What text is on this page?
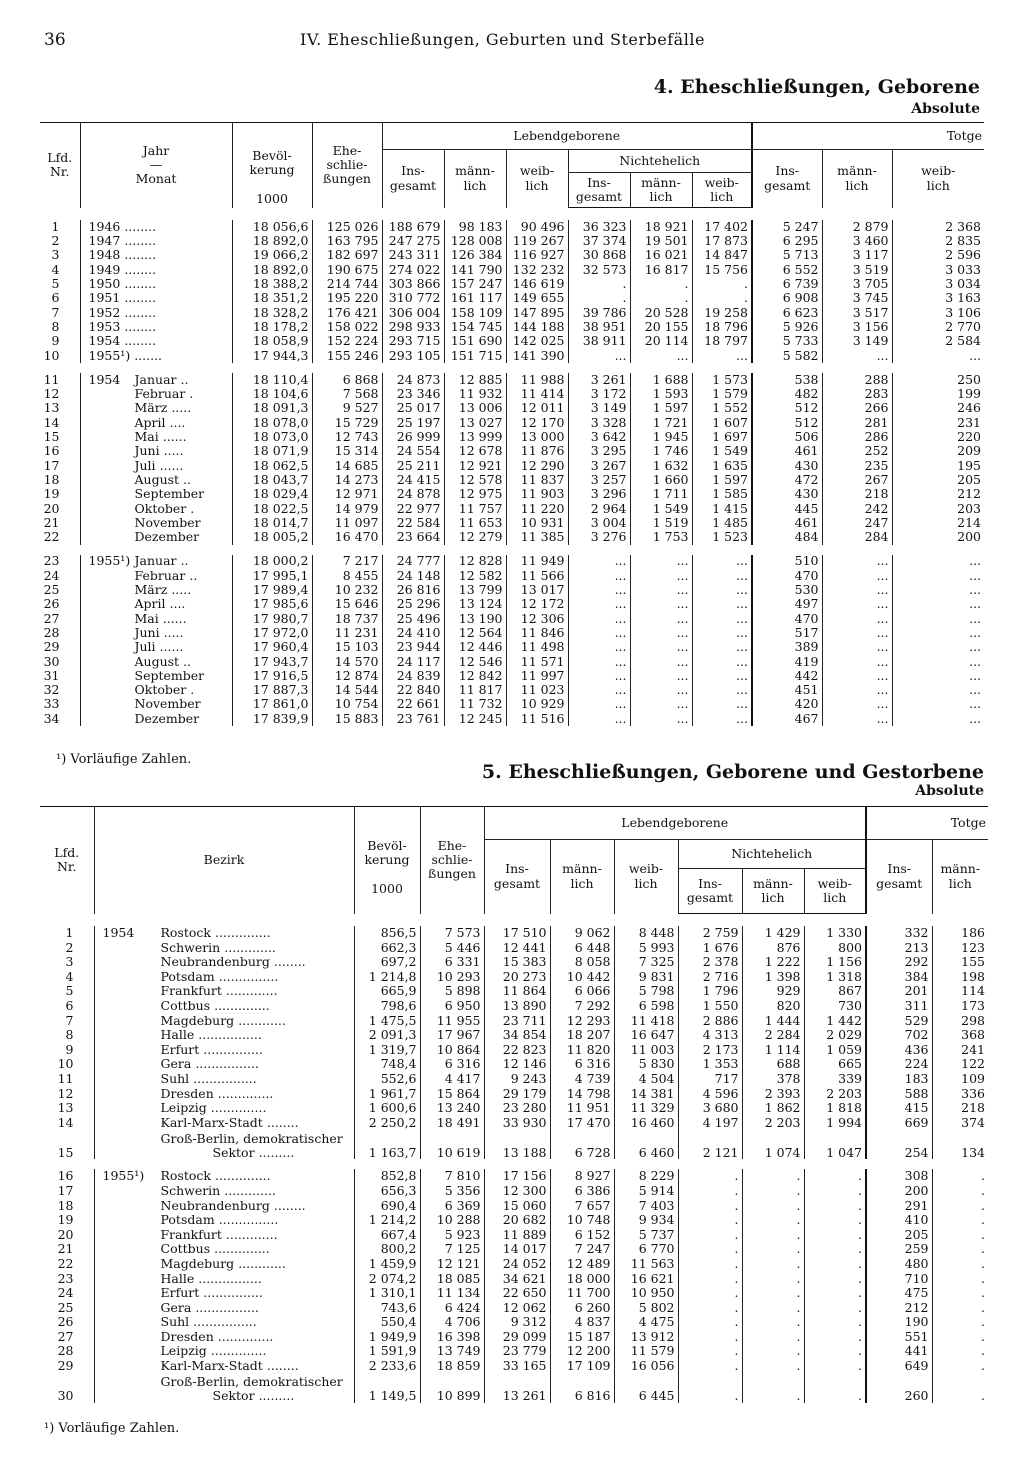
36	IV. Eheschließungen, Geburten und Sterbefälle
4. Eheschließungen, Geborene
Absolute
Lfd.
Nr.	Jahr
—
Monat	Bevöl-
kerung

1000	Ehe-
schlie-
ßungen	Lebendgeborene						Totge		
				Ins-
gesamt	männ-
lich	weib-
lich	Nichtehelich			Ins-
gesamt	männ-
lich	weib-
lich
							Ins-
gesamt	männ-
lich	weib-
lich			

1	1946 ........	18 056,6	125 026	188 679	98 183	90 496	36 323	18 921	17 402	5 247	2 879	2 368
2	1947 ........	18 892,0	163 795	247 275	128 008	119 267	37 374	19 501	17 873	6 295	3 460	2 835
3	1948 ........	19 066,2	182 697	243 311	126 384	116 927	30 868	16 021	14 847	5 713	3 117	2 596
4	1949 ........	18 892,0	190 675	274 022	141 790	132 232	32 573	16 817	15 756	6 552	3 519	3 033
5	1950 ........	18 388,2	214 744	303 866	157 247	146 619	.	.	.	6 739	3 705	3 034
6	1951 ........	18 351,2	195 220	310 772	161 117	149 655	.	.	.	6 908	3 745	3 163
7	1952 ........	18 328,2	176 421	306 004	158 109	147 895	39 786	20 528	19 258	6 623	3 517	3 106
8	1953 ........	18 178,2	158 022	298 933	154 745	144 188	38 951	20 155	18 796	5 926	3 156	2 770
9	1954 ........	18 058,9	152 224	293 715	151 690	142 025	38 911	20 114	18 797	5 733	3 149	2 584
10	1955¹) .......	17 944,3	155 246	293 105	151 715	141 390	...	...	...	5 582	...	...

11	1954 Januar ..	18 110,4	6 868	24 873	12 885	11 988	3 261	1 688	1 573	538	288	250
12	Februar .	18 104,6	7 568	23 346	11 932	11 414	3 172	1 593	1 579	482	283	199
13	März .....	18 091,3	9 527	25 017	13 006	12 011	3 149	1 597	1 552	512	266	246
14	April ....	18 078,0	15 729	25 197	13 027	12 170	3 328	1 721	1 607	512	281	231
15	Mai ......	18 073,0	12 743	26 999	13 999	13 000	3 642	1 945	1 697	506	286	220
16	Juni .....	18 071,9	15 314	24 554	12 678	11 876	3 295	1 746	1 549	461	252	209
17	Juli ......	18 062,5	14 685	25 211	12 921	12 290	3 267	1 632	1 635	430	235	195
18	August ..	18 043,7	14 273	24 415	12 578	11 837	3 257	1 660	1 597	472	267	205
19	September	18 029,4	12 971	24 878	12 975	11 903	3 296	1 711	1 585	430	218	212
20	Oktober .	18 022,5	14 979	22 977	11 757	11 220	2 964	1 549	1 415	445	242	203
21	November	18 014,7	11 097	22 584	11 653	10 931	3 004	1 519	1 485	461	247	214
22	Dezember	18 005,2	16 470	23 664	12 279	11 385	3 276	1 753	1 523	484	284	200

23	1955¹) Januar ..	18 000,2	7 217	24 777	12 828	11 949	...	...	...	510	...	...
24	Februar ..	17 995,1	8 455	24 148	12 582	11 566	...	...	...	470	...	...
25	März .....	17 989,4	10 232	26 816	13 799	13 017	...	...	...	530	...	...
26	April ....	17 985,6	15 646	25 296	13 124	12 172	...	...	...	497	...	...
27	Mai ......	17 980,7	18 737	25 496	13 190	12 306	...	...	...	470	...	...
28	Juni .....	17 972,0	11 231	24 410	12 564	11 846	...	...	...	517	...	...
29	Juli ......	17 960,4	15 103	23 944	12 446	11 498	...	...	...	389	...	...
30	August ..	17 943,7	14 570	24 117	12 546	11 571	...	...	...	419	...	...
31	September	17 916,5	12 874	24 839	12 842	11 997	...	...	...	442	...	...
32	Oktober .	17 887,3	14 544	22 840	11 817	11 023	...	...	...	451	...	...
33	November	17 861,0	10 754	22 661	11 732	10 929	...	...	...	420	...	...
34	Dezember	17 839,9	15 883	23 761	12 245	11 516	...	...	...	467	...	...
¹) Vorläufige Zahlen.
5. Eheschließungen, Geborene und Gestorbene
Absolute
Lfd.
Nr.	Bezirk	Bevöl-
kerung

1000	Ehe-
schlie-
ßungen	Lebendgeborene						Totge	
				Ins-
gesamt	männ-
lich	weib-
lich	Nichtehelich			Ins-
gesamt	männ-
lich
							Ins-
gesamt	männ-
lich	weib-
lich		

1	1954 Rostock ..............	856,5	7 573	17 510	9 062	8 448	2 759	1 429	1 330	332	186
2	Schwerin .............	662,3	5 446	12 441	6 448	5 993	1 676	876	800	213	123
3	Neubrandenburg ........	697,2	6 331	15 383	8 058	7 325	2 378	1 222	1 156	292	155
4	Potsdam ...............	1 214,8	10 293	20 273	10 442	9 831	2 716	1 398	1 318	384	198
5	Frankfurt .............	665,9	5 898	11 864	6 066	5 798	1 796	929	867	201	114
6	Cottbus ..............	798,6	6 950	13 890	7 292	6 598	1 550	820	730	311	173
7	Magdeburg ............	1 475,5	11 955	23 711	12 293	11 418	2 886	1 444	1 442	529	298
8	Halle ................	2 091,3	17 967	34 854	18 207	16 647	4 313	2 284	2 029	702	368
9	Erfurt ...............	1 319,7	10 864	22 823	11 820	11 003	2 173	1 114	1 059	436	241
10	Gera ................	748,4	6 316	12 146	6 316	5 830	1 353	688	665	224	122
11	Suhl ................	552,6	4 417	9 243	4 739	4 504	717	378	339	183	109
12	Dresden ..............	1 961,7	15 864	29 179	14 798	14 381	4 596	2 393	2 203	588	336
13	Leipzig ..............	1 600,6	13 240	23 280	11 951	11 329	3 680	1 862	1 818	415	218
14	Karl-Marx-Stadt ........	2 250,2	18 491	33 930	17 470	16 460	4 197	2 203	1 994	669	374
15	Groß-Berlin, demokratischer
Sektor .........	1 163,7	10 619	13 188	6 728	6 460	2 121	1 074	1 047	254	134

16	1955¹) Rostock ..............	852,8	7 810	17 156	8 927	8 229	.	.	.	308	.
17	Schwerin .............	656,3	5 356	12 300	6 386	5 914	.	.	.	200	.
18	Neubrandenburg ........	690,4	6 369	15 060	7 657	7 403	.	.	.	291	.
19	Potsdam ...............	1 214,2	10 288	20 682	10 748	9 934	.	.	.	410	.
20	Frankfurt .............	667,4	5 923	11 889	6 152	5 737	.	.	.	205	.
21	Cottbus ..............	800,2	7 125	14 017	7 247	6 770	.	.	.	259	.
22	Magdeburg ............	1 459,9	12 121	24 052	12 489	11 563	.	.	.	480	.
23	Halle ................	2 074,2	18 085	34 621	18 000	16 621	.	.	.	710	.
24	Erfurt ...............	1 310,1	11 134	22 650	11 700	10 950	.	.	.	475	.
25	Gera ................	743,6	6 424	12 062	6 260	5 802	.	.	.	212	.
26	Suhl ................	550,4	4 706	9 312	4 837	4 475	.	.	.	190	.
27	Dresden ..............	1 949,9	16 398	29 099	15 187	13 912	.	.	.	551	.
28	Leipzig ..............	1 591,9	13 749	23 779	12 200	11 579	.	.	.	441	.
29	Karl-Marx-Stadt ........	2 233,6	18 859	33 165	17 109	16 056	.	.	.	649	.
30	Groß-Berlin, demokratischer
Sektor .........	1 149,5	10 899	13 261	6 816	6 445	.	.	.	260	.
¹) Vorläufige Zahlen.
